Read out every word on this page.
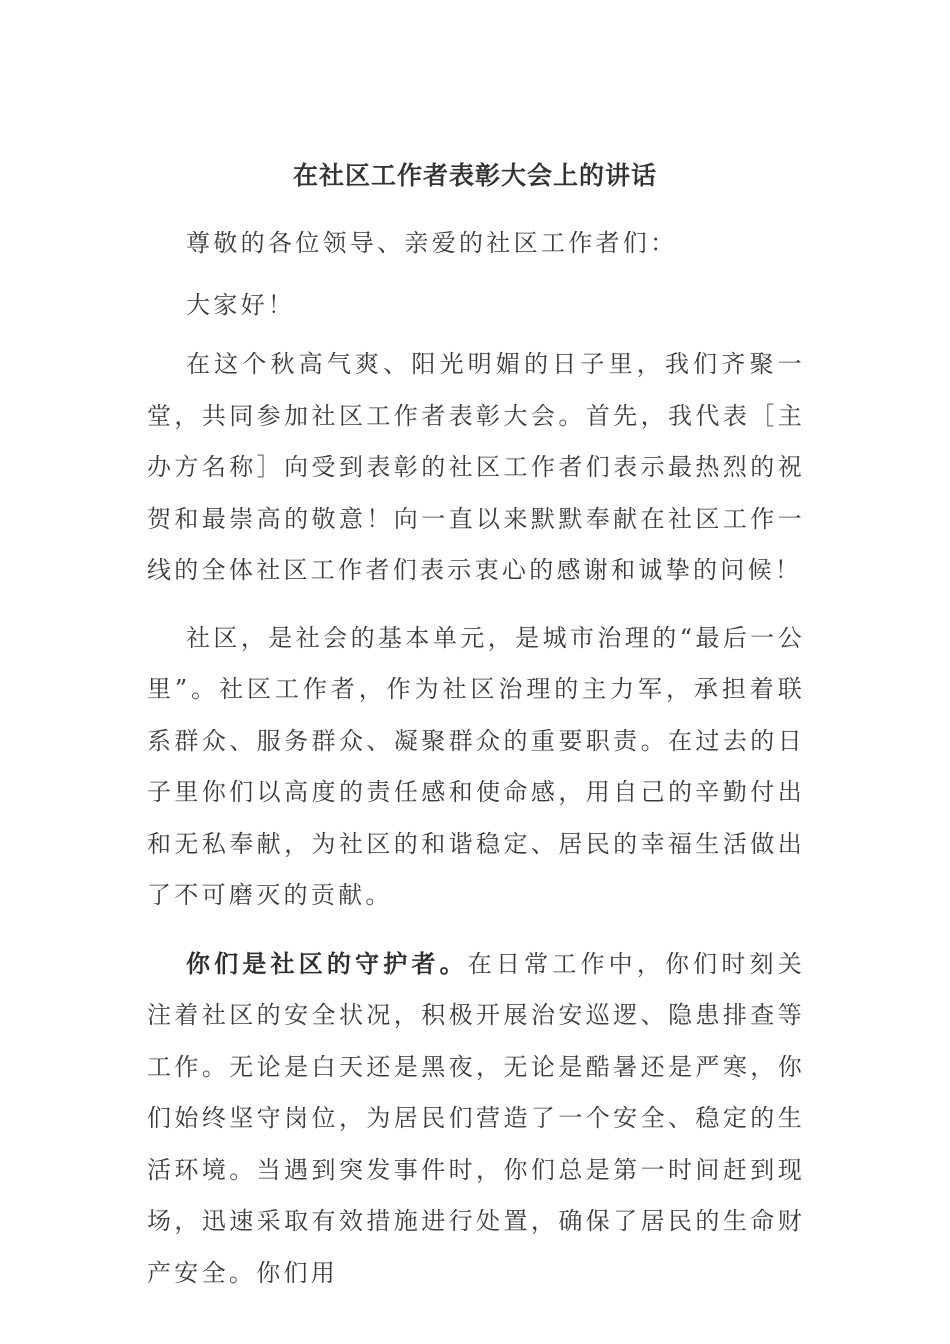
在社区工作者表彰大会上的讲话

尊敬的各位领导、亲爱的社区工作者们：

大家好！

在这个秋高气爽、阳光明媚的日子里，我们齐聚一堂，共同参加社区工作者表彰大会。首先，我代表［主办方名称］向受到表彰的社区工作者们表示最热烈的祝贺和最崇高的敬意！向一直以来默默奉献在社区工作一线的全体社区工作者们表示衷心的感谢和诚挚的问候！

社区，是社会的基本单元，是城市治理的“最后一公里”。社区工作者，作为社区治理的主力军，承担着联系群众、服务群众、凝聚群众的重要职责。在过去的日子里你们以高度的责任感和使命感，用自己的辛勤付出和无私奉献，为社区的和谐稳定、居民的幸福生活做出了不可磨灭的贡献。

你们是社区的守护者。在日常工作中，你们时刻关注着社区的安全状况，积极开展治安巡逻、隐患排查等工作。无论是白天还是黑夜，无论是酷暑还是严寒，你们始终坚守岗位，为居民们营造了一个安全、稳定的生活环境。当遇到突发事件时，你们总是第一时间赶到现场，迅速采取有效措施进行处置，确保了居民的生命财产安全。你们用
